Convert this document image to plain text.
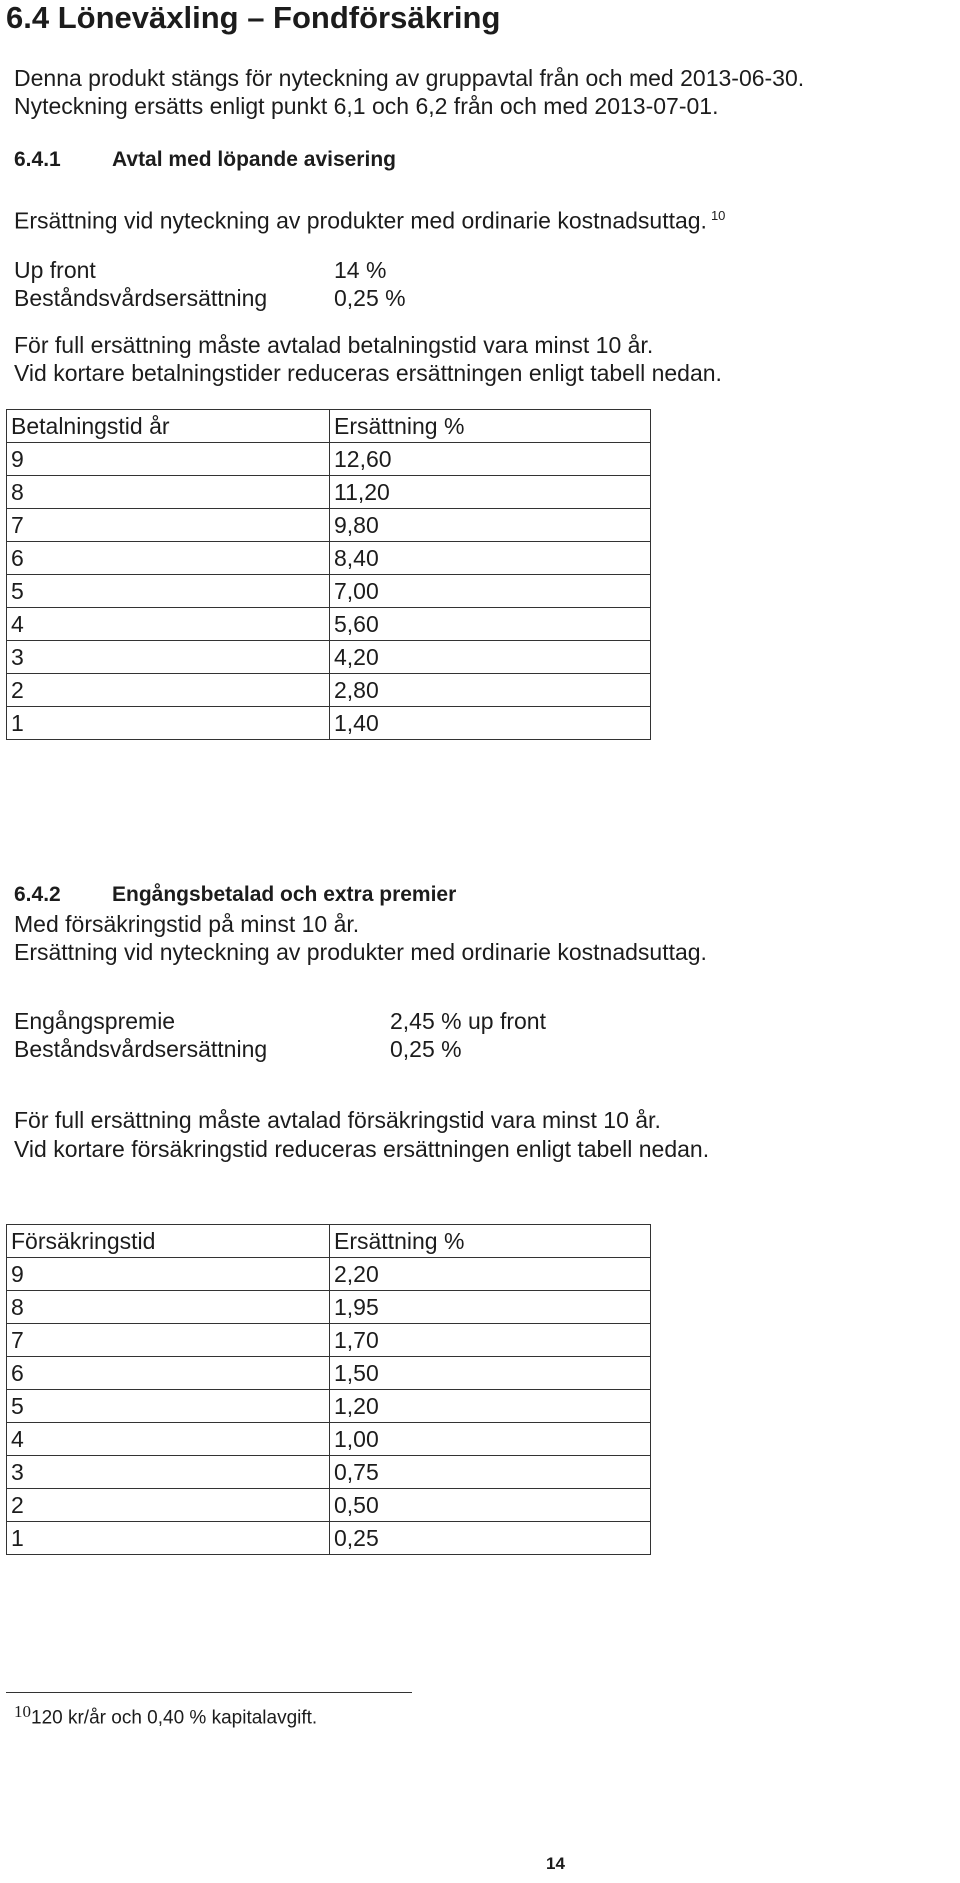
6.4 Löneväxling – Fondförsäkring
Denna produkt stängs för nyteckning av gruppavtal från och med 2013-06-30.
Nyteckning ersätts enligt punkt 6,1 och 6,2 från och med 2013-07-01.
6.4.1 Avtal med löpande avisering
Ersättning vid nyteckning av produkter med ordinarie kostnadsuttag. $^{10}$
Up front	14 %
Beståndsvårdsersättning	0,25 %
För full ersättning måste avtalad betalningstid vara minst 10 år.
Vid kortare betalningstider reduceras ersättningen enligt tabell nedan.
Betalningstid år	Ersättning %
9	12,60
8	11,20
7	9,80
6	8,40
5	7,00
4	5,60
3	4,20
2	2,80
1	1,40
6.4.2 Engångsbetalad och extra premier
Med försäkringstid på minst 10 år.
Ersättning vid nyteckning av produkter med ordinarie kostnadsuttag.
Engångspremie	2,45 % up front
Beståndsvårdsersättning	0,25 %
För full ersättning måste avtalad försäkringstid vara minst 10 år.
Vid kortare försäkringstid reduceras ersättningen enligt tabell nedan.
Försäkringstid	Ersättning %
9	2,20
8	1,95
7	1,70
6	1,50
5	1,20
4	1,00
3	0,75
2	0,50
1	0,25
10120 kr/år och 0,40 % kapitalavgift.
14
